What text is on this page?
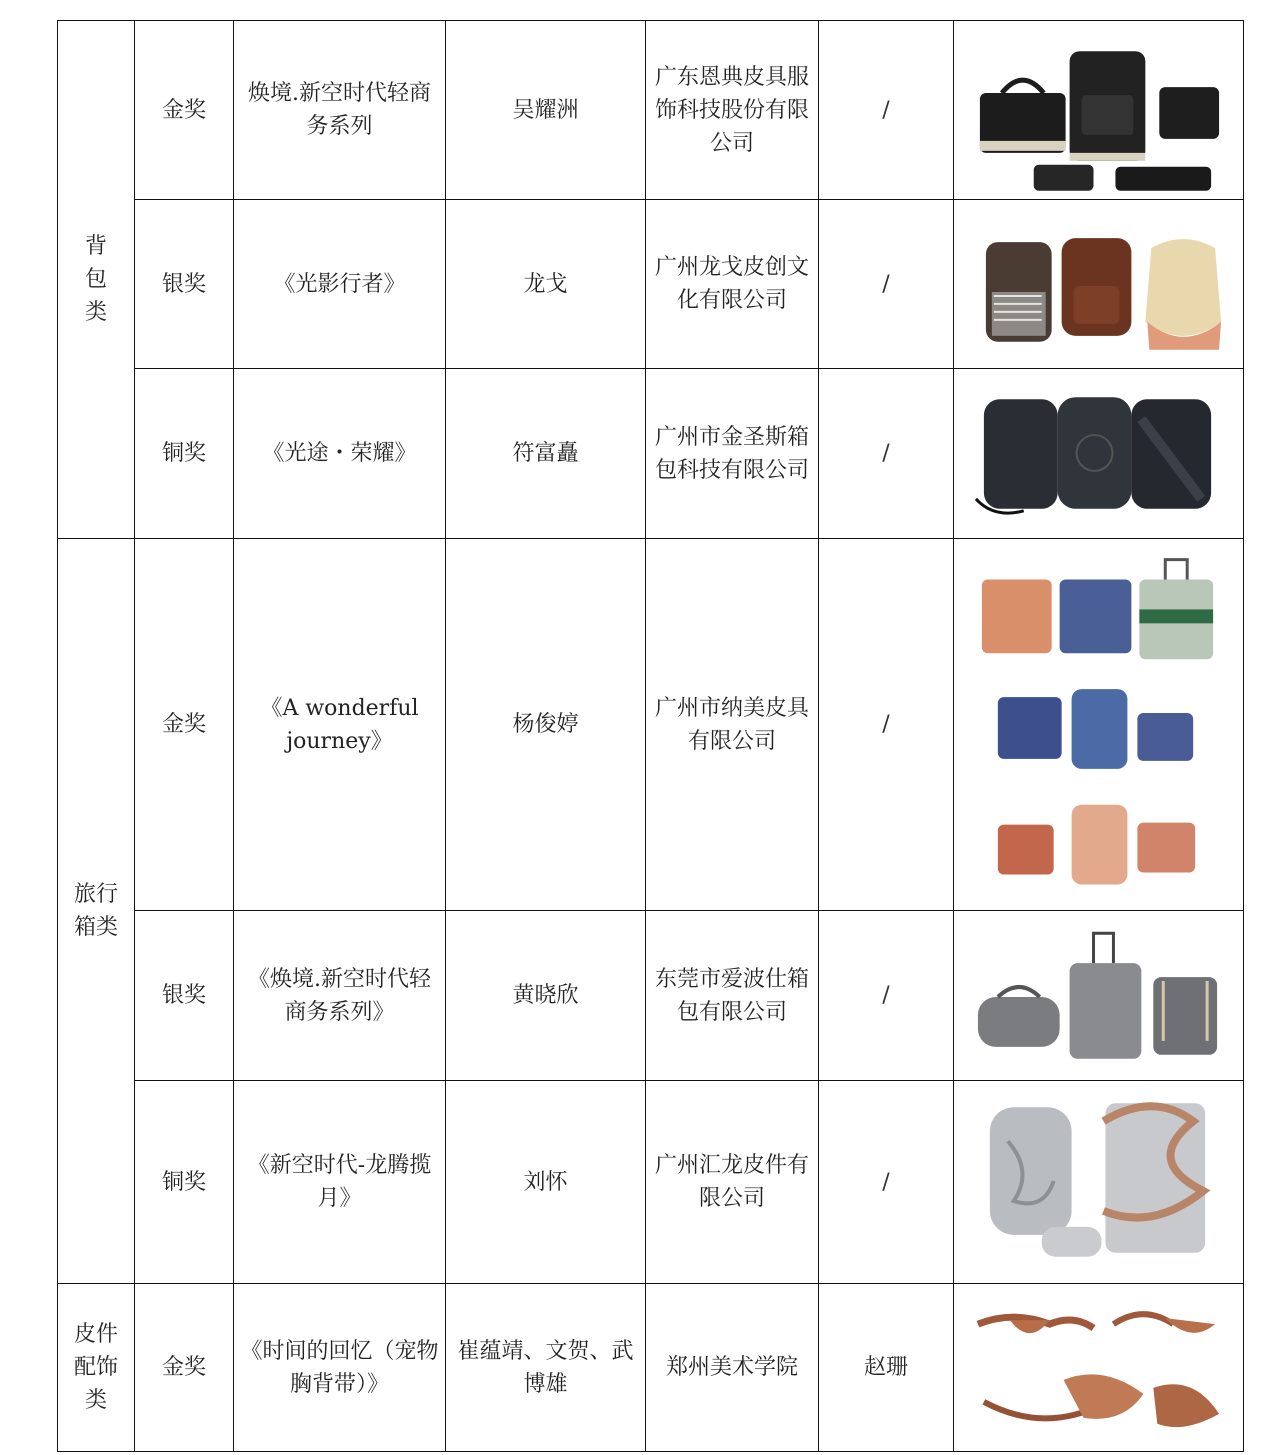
背包类	金奖	焕境.新空时代轻商务系列	吴耀洲	广东恩典皮具服饰科技股份有限公司	/	

	银奖	《光影行者》	龙戈	广州龙戈皮创文化有限公司	/	

	铜奖	《光途・荣耀》	符富矗	广州市金圣斯箱包科技有限公司	/	

旅行箱类	金奖	《A wonderful journey》	杨俊婷	广州市纳美皮具有限公司	/	

	银奖	《焕境.新空时代轻商务系列》	黄晓欣	东莞市爱波仕箱包有限公司	/	

	铜奖	《新空时代-龙腾揽月》	刘怀	广州汇龙皮件有限公司	/	

皮件配饰类	金奖	《时间的回忆（宠物胸背带）》	崔蕴靖、文贺、武博雄	郑州美术学院	赵珊	
